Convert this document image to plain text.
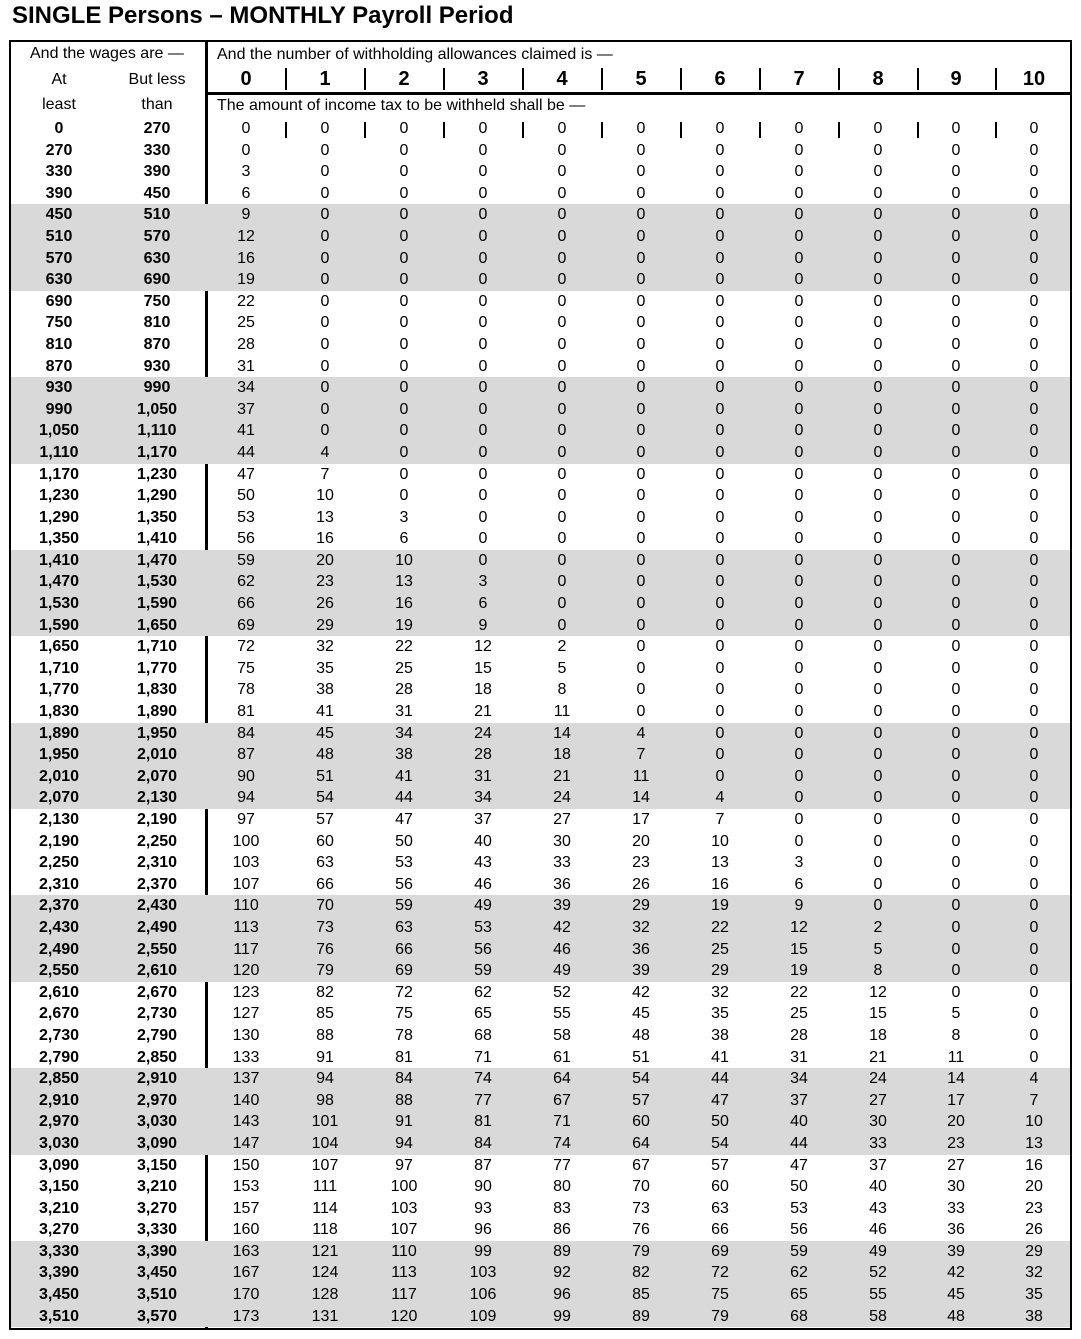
SINGLE Persons – MONTHLY Payroll Period
And the wages are —
At
least
But less
than
And the number of withholding allowances claimed is —
The amount of income tax to be withheld shall be —
0	1	2	3	4	5	6	7	8	9	10
0	270	0	0	0	0	0	0	0	0	0	0	0
270	330	0	0	0	0	0	0	0	0	0	0	0
330	390	3	0	0	0	0	0	0	0	0	0	0
390	450	6	0	0	0	0	0	0	0	0	0	0
450	510	9	0	0	0	0	0	0	0	0	0	0
510	570	12	0	0	0	0	0	0	0	0	0	0
570	630	16	0	0	0	0	0	0	0	0	0	0
630	690	19	0	0	0	0	0	0	0	0	0	0
690	750	22	0	0	0	0	0	0	0	0	0	0
750	810	25	0	0	0	0	0	0	0	0	0	0
810	870	28	0	0	0	0	0	0	0	0	0	0
870	930	31	0	0	0	0	0	0	0	0	0	0
930	990	34	0	0	0	0	0	0	0	0	0	0
990	1,050	37	0	0	0	0	0	0	0	0	0	0
1,050	1,110	41	0	0	0	0	0	0	0	0	0	0
1,110	1,170	44	4	0	0	0	0	0	0	0	0	0
1,170	1,230	47	7	0	0	0	0	0	0	0	0	0
1,230	1,290	50	10	0	0	0	0	0	0	0	0	0
1,290	1,350	53	13	3	0	0	0	0	0	0	0	0
1,350	1,410	56	16	6	0	0	0	0	0	0	0	0
1,410	1,470	59	20	10	0	0	0	0	0	0	0	0
1,470	1,530	62	23	13	3	0	0	0	0	0	0	0
1,530	1,590	66	26	16	6	0	0	0	0	0	0	0
1,590	1,650	69	29	19	9	0	0	0	0	0	0	0
1,650	1,710	72	32	22	12	2	0	0	0	0	0	0
1,710	1,770	75	35	25	15	5	0	0	0	0	0	0
1,770	1,830	78	38	28	18	8	0	0	0	0	0	0
1,830	1,890	81	41	31	21	11	0	0	0	0	0	0
1,890	1,950	84	45	34	24	14	4	0	0	0	0	0
1,950	2,010	87	48	38	28	18	7	0	0	0	0	0
2,010	2,070	90	51	41	31	21	11	0	0	0	0	0
2,070	2,130	94	54	44	34	24	14	4	0	0	0	0
2,130	2,190	97	57	47	37	27	17	7	0	0	0	0
2,190	2,250	100	60	50	40	30	20	10	0	0	0	0
2,250	2,310	103	63	53	43	33	23	13	3	0	0	0
2,310	2,370	107	66	56	46	36	26	16	6	0	0	0
2,370	2,430	110	70	59	49	39	29	19	9	0	0	0
2,430	2,490	113	73	63	53	42	32	22	12	2	0	0
2,490	2,550	117	76	66	56	46	36	25	15	5	0	0
2,550	2,610	120	79	69	59	49	39	29	19	8	0	0
2,610	2,670	123	82	72	62	52	42	32	22	12	0	0
2,670	2,730	127	85	75	65	55	45	35	25	15	5	0
2,730	2,790	130	88	78	68	58	48	38	28	18	8	0
2,790	2,850	133	91	81	71	61	51	41	31	21	11	0
2,850	2,910	137	94	84	74	64	54	44	34	24	14	4
2,910	2,970	140	98	88	77	67	57	47	37	27	17	7
2,970	3,030	143	101	91	81	71	60	50	40	30	20	10
3,030	3,090	147	104	94	84	74	64	54	44	33	23	13
3,090	3,150	150	107	97	87	77	67	57	47	37	27	16
3,150	3,210	153	111	100	90	80	70	60	50	40	30	20
3,210	3,270	157	114	103	93	83	73	63	53	43	33	23
3,270	3,330	160	118	107	96	86	76	66	56	46	36	26
3,330	3,390	163	121	110	99	89	79	69	59	49	39	29
3,390	3,450	167	124	113	103	92	82	72	62	52	42	32
3,450	3,510	170	128	117	106	96	85	75	65	55	45	35
3,510	3,570	173	131	120	109	99	89	79	68	58	48	38
